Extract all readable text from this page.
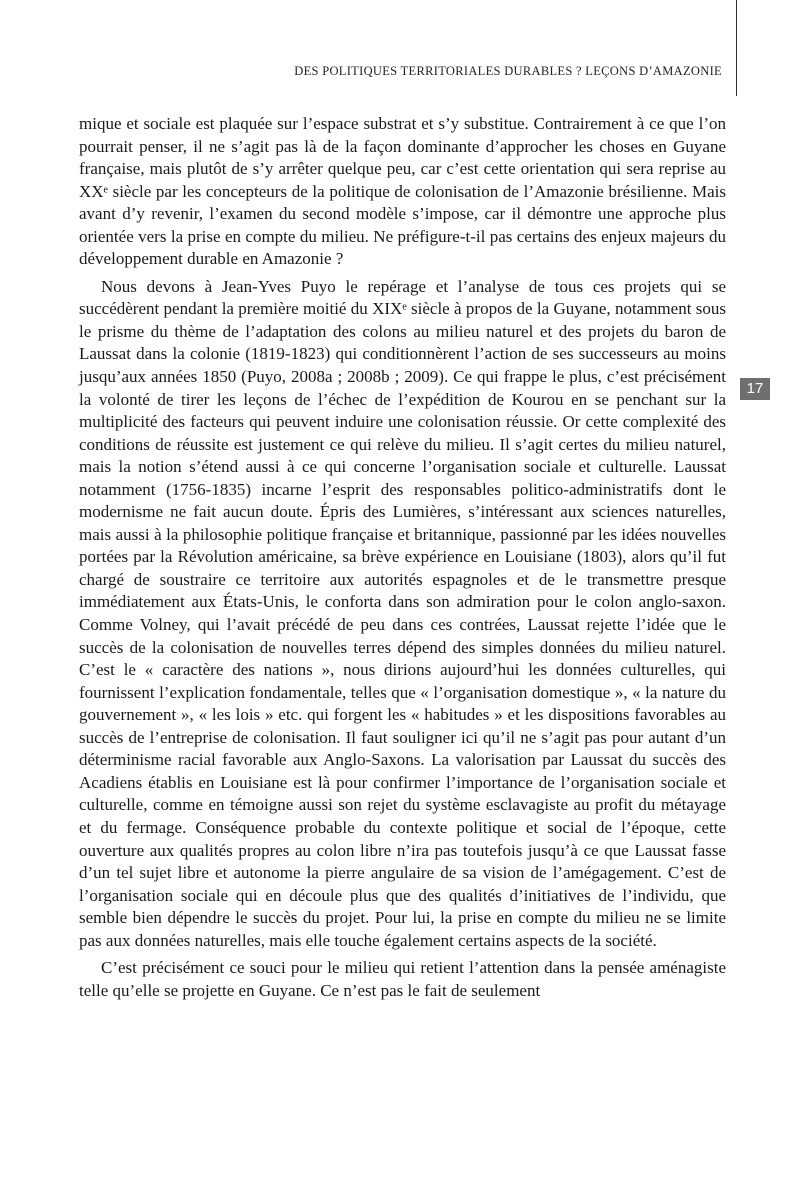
DES POLITIQUES TERRITORIALES DURABLES ? LEÇONS D’AMAZONIE
17

mique et sociale est plaquée sur l’espace substrat et s’y substitue. Contrairement à ce que l’on pourrait penser, il ne s’agit pas là de la façon dominante d’approcher les choses en Guyane française, mais plutôt de s’y arrêter quelque peu, car c’est cette orientation qui sera reprise au XXᵉ siècle par les concepteurs de la politique de colonisation de l’Amazonie brésilienne. Mais avant d’y revenir, l’examen du second modèle s’impose, car il démontre une approche plus orientée vers la prise en compte du milieu. Ne préfigure-t-il pas certains des enjeux majeurs du développement durable en Amazonie ?

Nous devons à Jean-Yves Puyo le repérage et l’analyse de tous ces projets qui se succédèrent pendant la première moitié du XIXᵉ siècle à propos de la Guyane, notamment sous le prisme du thème de l’adaptation des colons au milieu naturel et des projets du baron de Laussat dans la colonie (1819-1823) qui conditionnèrent l’action de ses successeurs au moins jusqu’aux années 1850 (Puyo, 2008a ; 2008b ; 2009). Ce qui frappe le plus, c’est précisément la volonté de tirer les leçons de l’échec de l’expédition de Kourou en se penchant sur la multiplicité des facteurs qui peuvent induire une colonisation réussie. Or cette complexité des conditions de réussite est justement ce qui relève du milieu. Il s’agit certes du milieu naturel, mais la notion s’étend aussi à ce qui concerne l’organisation sociale et culturelle. Laussat notamment (1756-1835) incarne l’esprit des responsables politico-administratifs dont le modernisme ne fait aucun doute. Épris des Lumières, s’intéressant aux sciences naturelles, mais aussi à la philosophie politique française et britannique, passionné par les idées nouvelles portées par la Révolution américaine, sa brève expérience en Louisiane (1803), alors qu’il fut chargé de soustraire ce territoire aux autorités espagnoles et de le transmettre presque immédiatement aux États-Unis, le conforta dans son admiration pour le colon anglo-saxon. Comme Volney, qui l’avait précédé de peu dans ces contrées, Laussat rejette l’idée que le succès de la colonisation de nouvelles terres dépend des simples données du milieu naturel. C’est le « caractère des nations », nous dirions aujourd’hui les données culturelles, qui fournissent l’explication fondamentale, telles que « l’organisation domestique », « la nature du gouvernement », « les lois » etc. qui forgent les « habitudes » et les dispositions favorables au succès de l’entreprise de colonisation. Il faut souligner ici qu’il ne s’agit pas pour autant d’un déterminisme racial favorable aux Anglo-Saxons. La valorisation par Laussat du succès des Acadiens établis en Louisiane est là pour confirmer l’importance de l’organisation sociale et culturelle, comme en témoigne aussi son rejet du système esclavagiste au profit du métayage et du fermage. Conséquence probable du contexte politique et social de l’époque, cette ouverture aux qualités propres au colon libre n’ira pas toutefois jusqu’à ce que Laussat fasse d’un tel sujet libre et autonome la pierre angulaire de sa vision de l’amégagement. C’est de l’organisation sociale qui en découle plus que des qualités d’initiatives de l’individu, que semble bien dépendre le succès du projet. Pour lui, la prise en compte du milieu ne se limite pas aux données naturelles, mais elle touche également certains aspects de la société.

C’est précisément ce souci pour le milieu qui retient l’attention dans la pensée aménagiste telle qu’elle se projette en Guyane. Ce n’est pas le fait de seulement
